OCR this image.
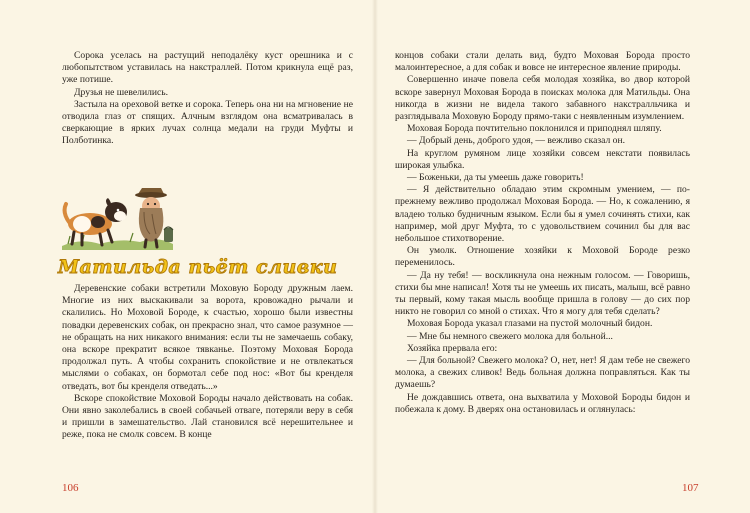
Сорока уселась на растущий неподалёку куст орешника и с любопытством уставилась на накстраллей. Потом крикнула ещё раз, уже потише.

Друзья не шевелились.

Застыла на ореховой ветке и сорока. Теперь она ни на мгновение не отводила глаз от спящих. Алчным взглядом она всматривалась в сверкающие в ярких лучах солнца медали на груди Муфты и Полботинка.

Матильда пьёт сливки

Деревенские собаки встретили Моховую Бороду дружным лаем. Многие из них выскакивали за ворота, кровожадно рычали и скалились. Но Моховой Бороде, к счастью, хорошо были известны повадки деревенских собак, он прекрасно знал, что самое разумное — не обращать на них никакого внимания: если ты не замечаешь собаку, она вскоре прекратит всякое тявканье. Поэтому Моховая Борода продолжал путь. А чтобы сохранить спокойствие и не отвлекаться мыслями о собаках, он бормотал себе под нос: «Вот бы кренделя отведать, вот бы кренделя отведать...»

Вскоре спокойствие Моховой Бороды начало действовать на собак. Они явно заколебались в своей собачьей отваге, потеряли веру в себя и пришли в замешательство. Лай становился всё нерешительнее и реже, пока не смолк совсем. В конце

106

концов собаки стали делать вид, будто Моховая Борода просто малоинтересное, а для собак и вовсе не интересное явление природы.

Совершенно иначе повела себя молодая хозяйка, во двор которой вскоре завернул Моховая Борода в поисках молока для Матильды. Она никогда в жизни не видела такого забавного накстралльчика и разглядывала Моховую Бороду прямо-таки с неявленным изумлением.

Моховая Борода почтительно поклонился и приподнял шляпу.

— Добрый день, доброго удоя, — вежливо сказал он.

На круглом румяном лице хозяйки совсем некстати появилась широкая улыбка.

— Боженьки, да ты умеешь даже говорить!

— Я действительно обладаю этим скромным умением, — по-прежнему вежливо продолжал Моховая Борода. — Но, к сожалению, я владею только будничным языком. Если бы я умел сочинять стихи, как например, мой друг Муфта, то с удовольствием сочинил бы для вас небольшое стихотворение.

Он умолк. Отношение хозяйки к Моховой Бороде резко переменилось.

— Да ну тебя! — воскликнула она нежным голосом. — Говоришь, стихи бы мне написал! Хотя ты не умеешь их писать, малыш, всё равно ты первый, кому такая мысль вообще пришла в голову — до сих пор никто не говорил со мной о стихах. Что я могу для тебя сделать?

Моховая Борода указал глазами на пустой молочный бидон.

— Мне бы немного свежего молока для больной...

Хозяйка прервала его:

— Для больной? Свежего молока? О, нет, нет! Я дам тебе не свежего молока, а свежих сливок! Ведь больная должна поправляться. Как ты думаешь?

Не дождавшись ответа, она выхватила у Моховой Бороды бидон и побежала к дому. В дверях она остановилась и оглянулась:

107
